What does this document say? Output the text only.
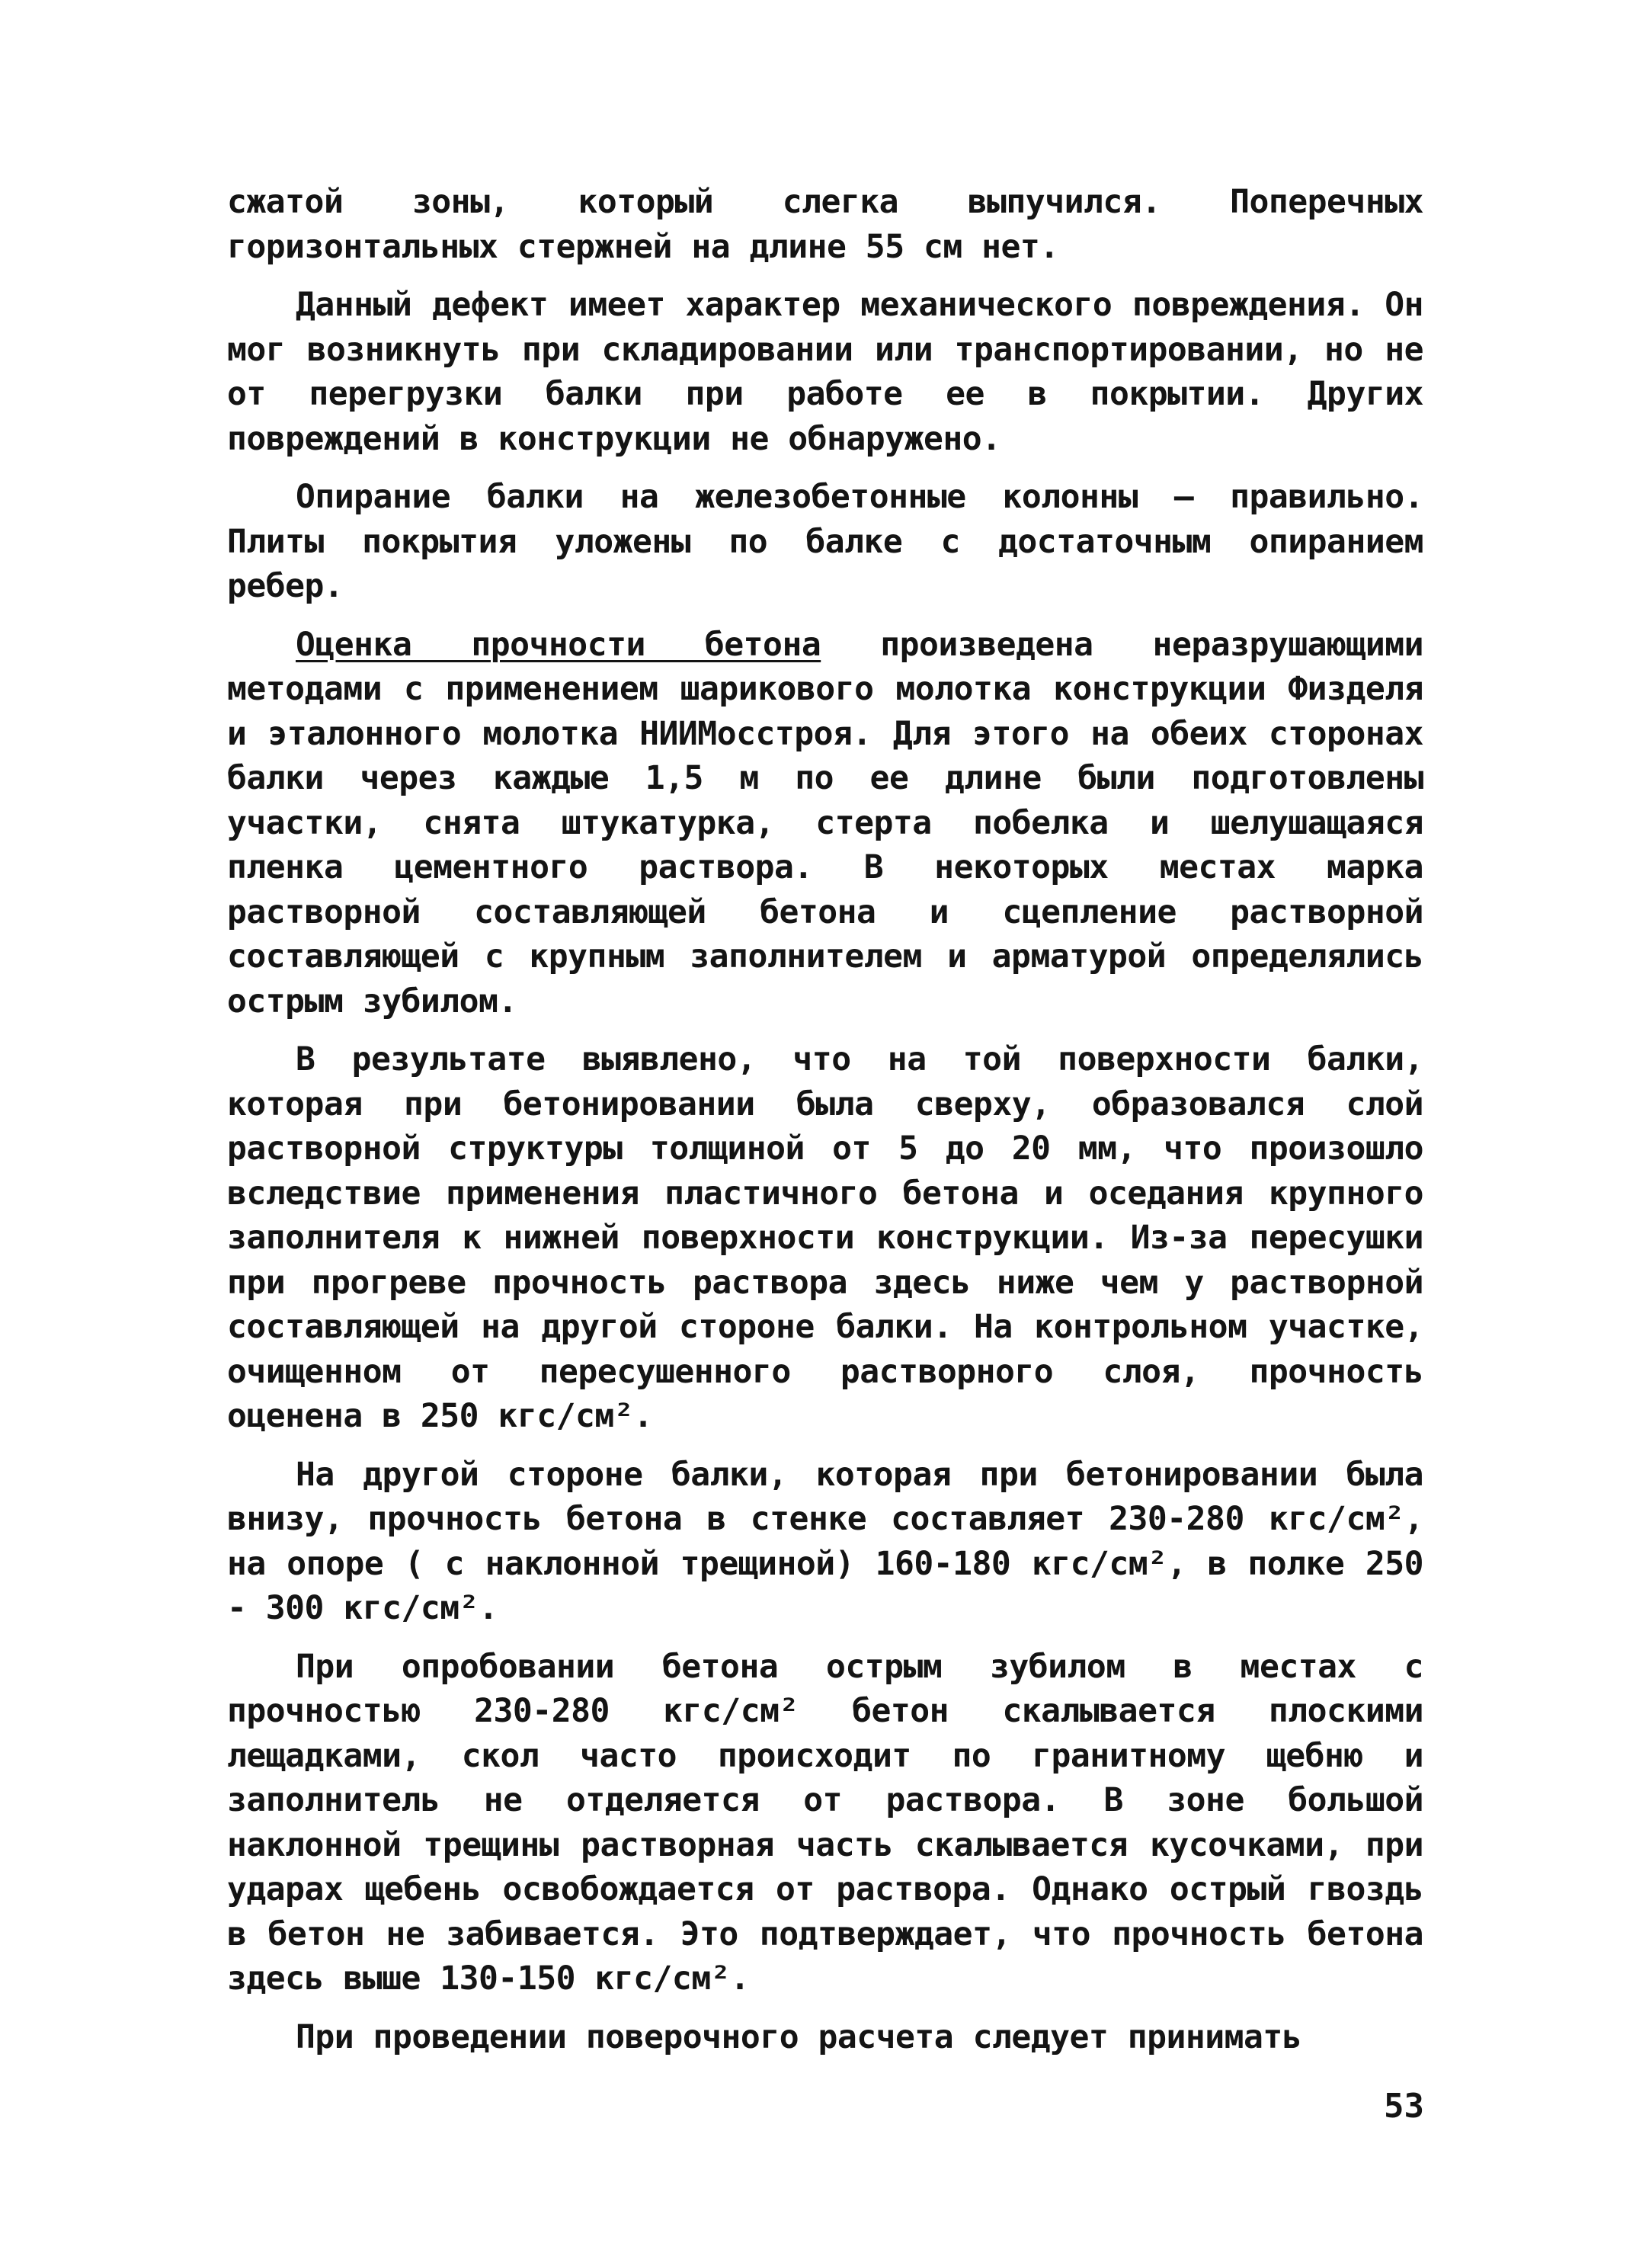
сжатой зоны, который слегка выпучился. Поперечных горизонтальных стержней на длине 55 см нет.

Данный дефект имеет характер механического повреждения. Он мог возникнуть при складировании или транспортировании, но не от перегрузки балки при работе ее в покрытии. Других повреждений в конструкции не обнаружено.

Опирание балки на железобетонные колонны – правильно. Плиты покрытия уложены по балке с достаточным опиранием ребер.

Оценка прочности бетона произведена неразрушающими методами с применением шарикового молотка конструкции Физделя и эталонного молотка НИИМосстроя. Для этого на обеих сторонах балки через каждые 1,5 м по ее длине были подготовлены участки, снята штукатурка, стерта побелка и шелушащаяся пленка цементного раствора. В некоторых местах марка растворной составляющей бетона и сцепление растворной составляющей с крупным заполнителем и арматурой определялись острым зубилом.

В результате выявлено, что на той поверхности балки, которая при бетонировании была сверху, образовался слой растворной структуры толщиной от 5 до 20 мм, что произошло вследствие применения пластичного бетона и оседания крупного заполнителя к нижней поверхности конструкции. Из-за пересушки при прогреве прочность раствора здесь ниже чем у растворной составляющей на другой стороне балки. На контрольном участке, очищенном от пересушенного растворного слоя, прочность оценена в 250 кгс/см².

На другой стороне балки, которая при бетонировании была внизу, прочность бетона в стенке составляет 230-280 кгс/см², на опоре ( с наклонной трещиной) 160-180 кгс/см², в полке 250 - 300 кгс/см².

При опробовании бетона острым зубилом в местах с прочностью 230-280 кгс/см² бетон скалывается плоскими лещадками, скол часто происходит по гранитному щебню и заполнитель не отделяется от раствора. В зоне большой наклонной трещины растворная часть скалывается кусочками, при ударах щебень освобождается от раствора. Однако острый гвоздь в бетон не забивается. Это подтверждает, что прочность бетона здесь выше 130-150 кгс/см².

При проведении поверочного расчета следует принимать

53
